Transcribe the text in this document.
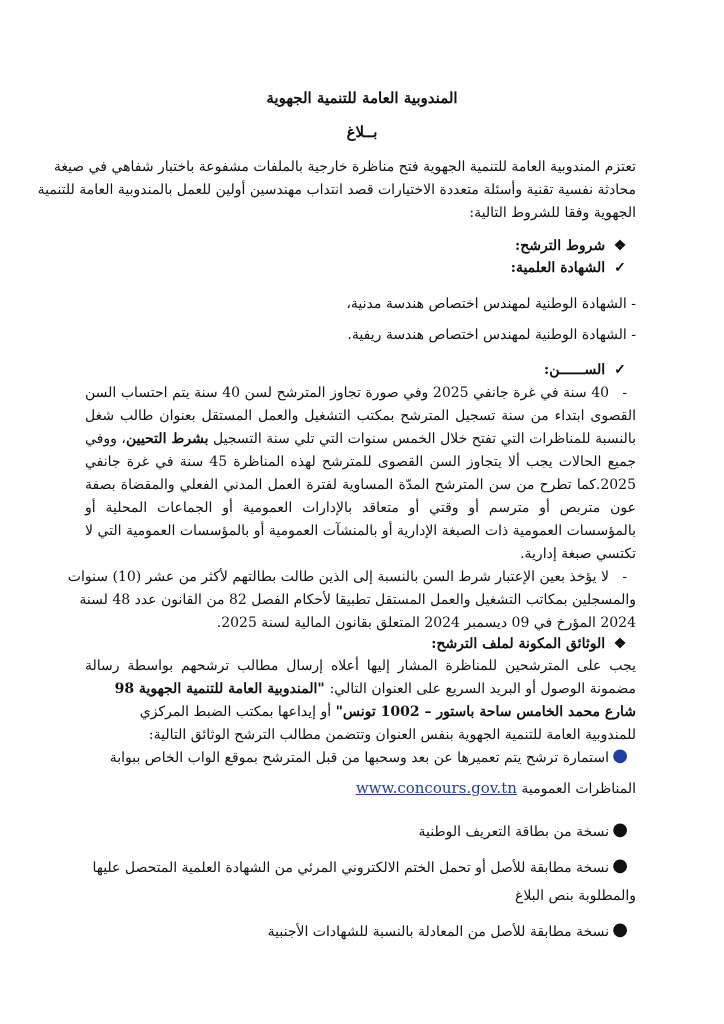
المندوبية العامة للتنمية الجهوية
بــلاغ
تعتزم المندوبية العامة للتنمية الجهوية فتح مناظرة خارجية بالملفات مشفوعة باختبار شفاهي في صيغة
محادثة نفسية تقنية وأسئلة متعددة الاختيارات قصد انتداب مهندسين أولين للعمل بالمندوبية العامة للتنمية
الجهوية وفقا للشروط التالية:
❖ شروط الترشح:
✓ الشهادة العلمية:
- الشهادة الوطنية لمهندس اختصاص هندسة مدنية،
- الشهادة الوطنية لمهندس اختصاص هندسة ريفية.
✓ الســــــن:
-
40 سنة في غرة جانفي 2025 وفي صورة تجاوز المترشح لسن 40 سنة يتم احتساب السن
القصوى ابتداء من سنة تسجيل المترشح بمكتب التشغيل والعمل المستقل بعنوان طالب شغل
بالنسبة للمناظرات التي تفتح خلال الخمس سنوات التي تلي سنة التسجيل بشرط التحيين، ووفي
جميع الحالات يجب ألا يتجاوز السن القصوى للمترشح لهذه المناظرة 45 سنة في غرة جانفي
2025.كما تطرح من سن المترشح المدّة المساوية لفترة العمل المدني الفعلي والمقضاة بصفة
عون متربص أو مترسم أو وقتي أو متعاقد بالإدارات العمومية أو الجماعات المحلية أو
بالمؤسسات العمومية ذات الصبغة الإدارية أو بالمنشآت العمومية أو بالمؤسسات العمومية التي لا
تكتسي صبغة إدارية.
-
لا يؤخذ بعين الإعتبار شرط السن بالنسبة إلى الذين طالت بطالتهم لأكثر من عشر (10) سنوات
والمسجلين بمكاتب التشغيل والعمل المستقل تطبيقا لأحكام الفصل 82 من القانون عدد 48 لسنة
2024 المؤرخ في 09 ديسمبر 2024 المتعلق بقانون المالية لسنة 2025.
❖ الوثائق المكونة لملف الترشح:
يجب على المترشحين للمناظرة المشار إليها أعلاه إرسال مطالب ترشحهم بواسطة رسالة
مضمونة الوصول أو البريد السريع على العنوان التالي: "المندوبية العامة للتنمية الجهوية 98
شارع محمد الخامس ساحة باستور – 1002 تونس" أو إيداعها بمكتب الضبط المركزي
للمندوبية العامة للتنمية الجهوية بنفس العنوان وتتضمن مطالب الترشح الوثائق التالية:
●
استمارة ترشح يتم تعميرها عن بعد وسحبها من قبل المترشح بموقع الواب الخاص ببوابة
المناظرات العمومية www.concours.gov.tn
●
نسخة من بطاقة التعريف الوطنية
●
نسخة مطابقة للأصل أو تحمل الختم الالكتروني المرئي من الشهادة العلمية المتحصل عليها
والمطلوبة بنص البلاغ
●
نسخة مطابقة للأصل من المعادلة بالنسبة للشهادات الأجنبية
